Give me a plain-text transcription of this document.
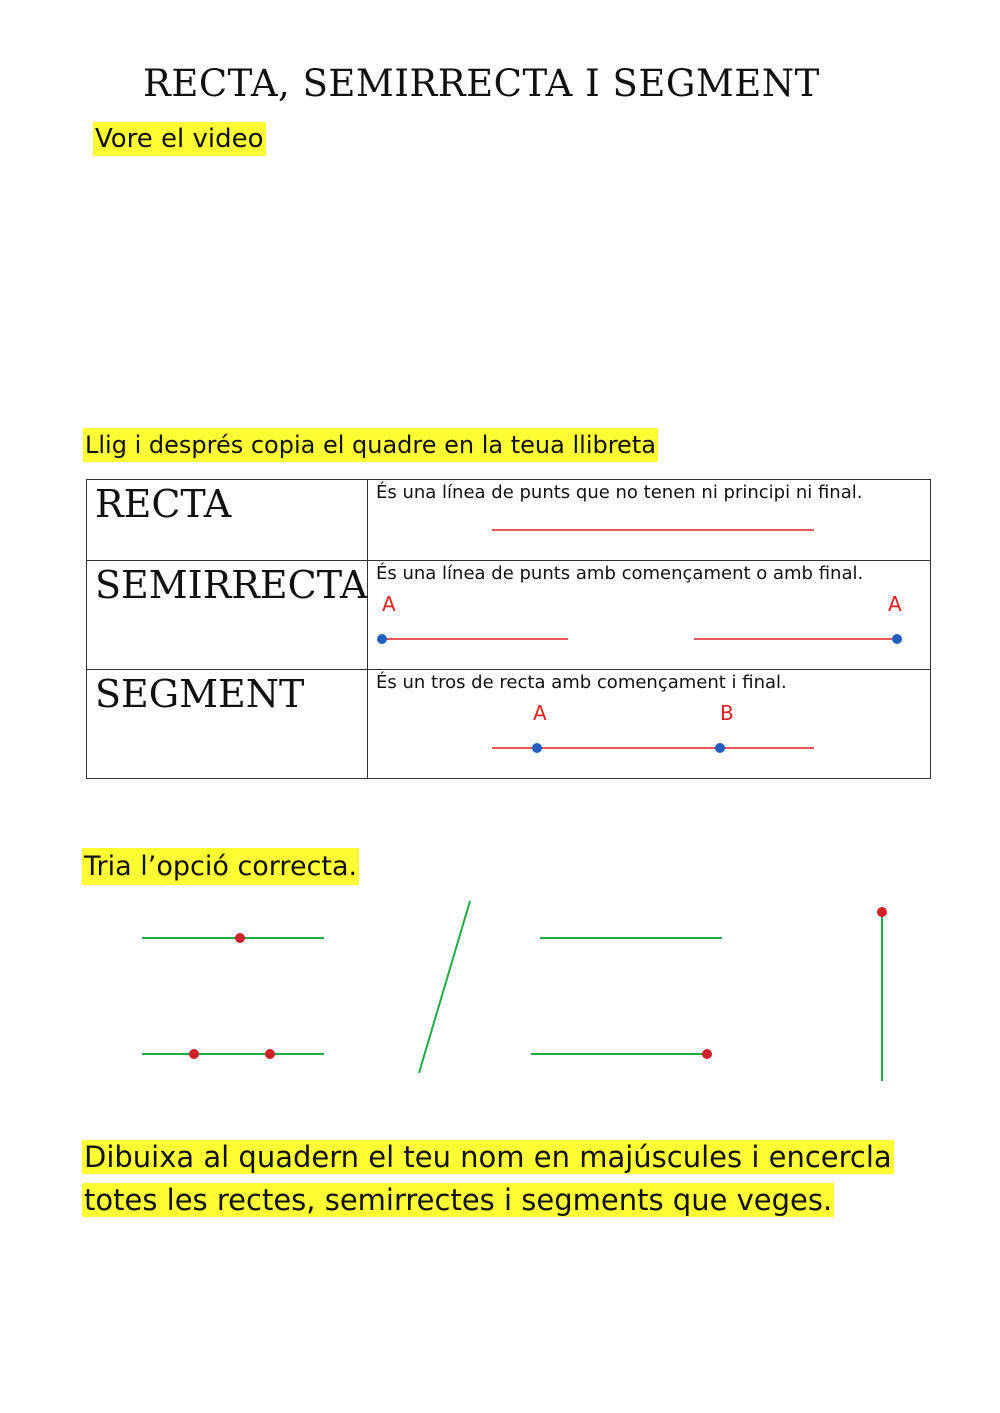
RECTA, SEMIRRECTA I SEGMENT
Vore el video
Llig i després copia el quadre en la teua llibreta
RECTA	És una línea de punts que no tenen ni principi ni final.

SEMIRRECTA	És una línea de punts amb començament o amb final.
A A

SEGMENT	És un tros de recta amb començament i final.
A B
Tria l’opció correcta.
Dibuixa al quadern el teu nom en majúscules i encercla
totes les rectes, semirrectes i segments que veges.
